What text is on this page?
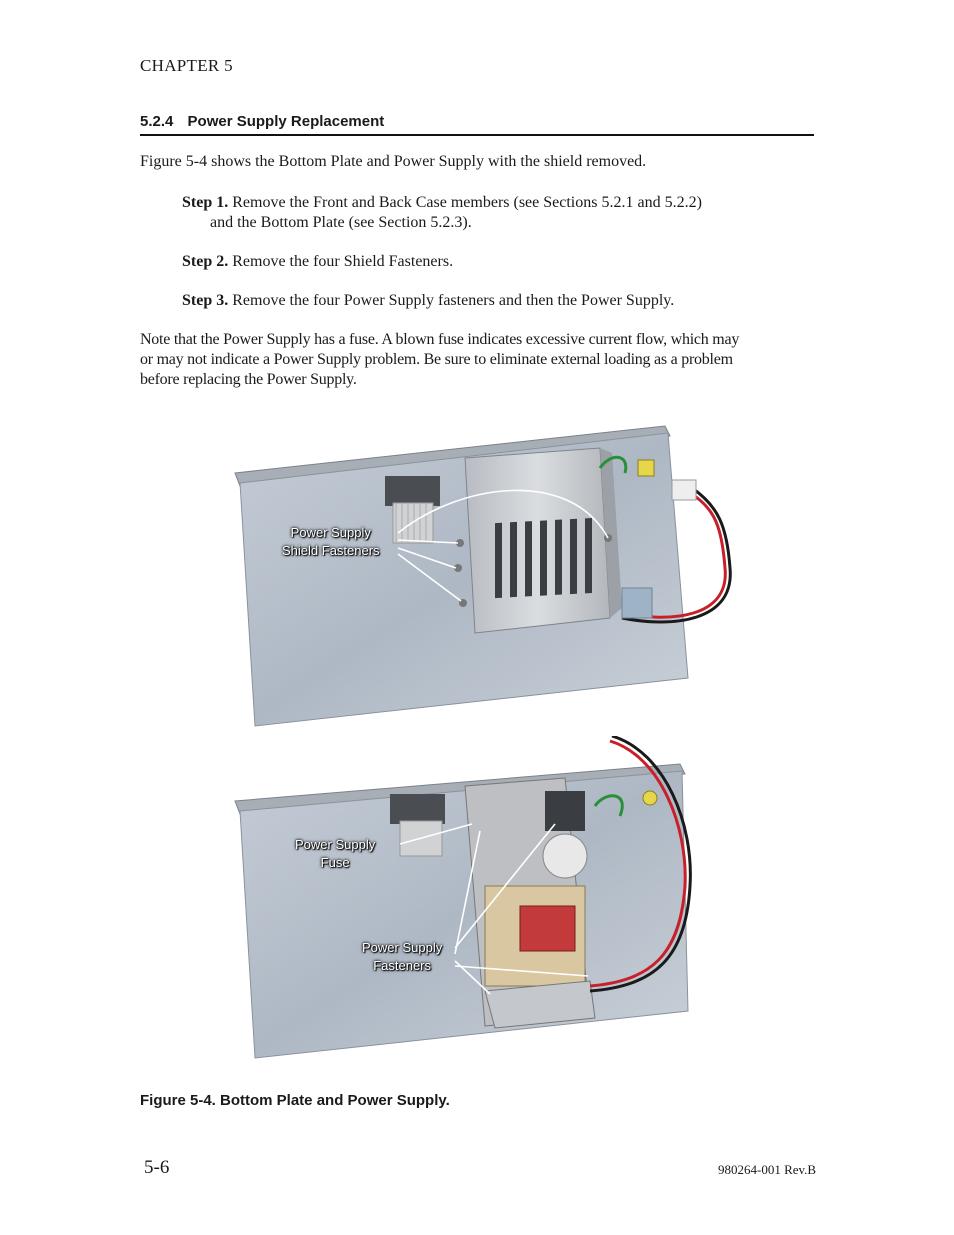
CHAPTER 5
5.2.4 Power Supply Replacement
Figure 5-4 shows the Bottom Plate and Power Supply with the shield removed.
Step 1. Remove the Front and Back Case members (see Sections 5.2.1 and 5.2.2)
and the Bottom Plate (see Section 5.2.3).
Step 2. Remove the four Shield Fasteners.
Step 3. Remove the four Power Supply fasteners and then the Power Supply.
Note that the Power Supply has a fuse. A blown fuse indicates excessive current flow, which may
or may not indicate a Power Supply problem. Be sure to eliminate external loading as a problem
before replacing the Power Supply.
Power Supply
Shield Fasteners
Power Supply
Fuse
Power Supply
Fasteners
Figure 5-4. Bottom Plate and Power Supply.
5-6	980264-001 Rev.B
